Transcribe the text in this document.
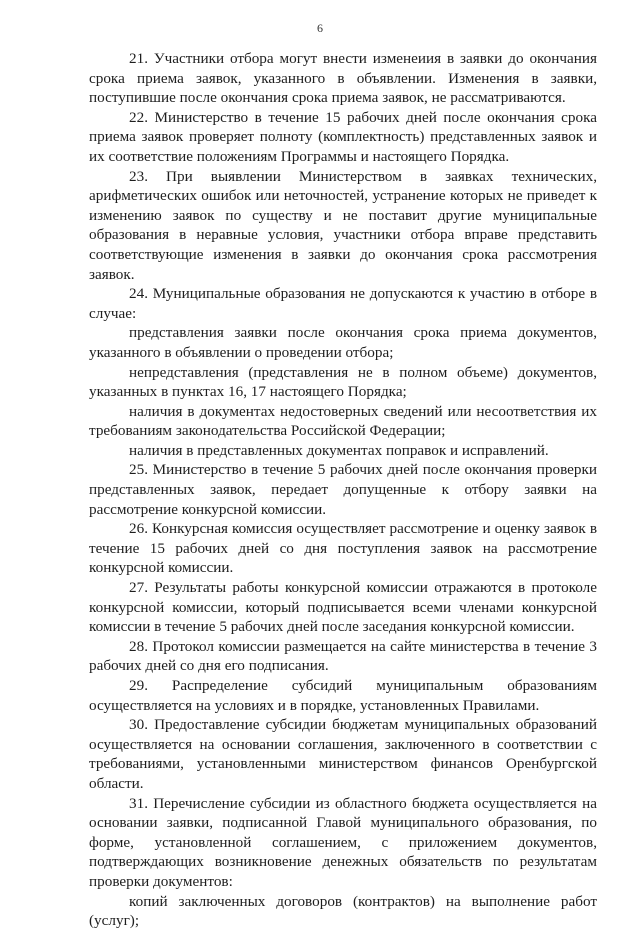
6

21. Участники отбора могут внести изменеиия в заявки до окончания срока приема заявок, указанного в объявлении. Изменения в заявки, поступившие после окончания срока приема заявок, не рассматриваются.

22. Министерство в течение 15 рабочих дней после окончания срока приема заявок проверяет полноту (комплектность) представленных заявок и их соответствие положениям Программы и настоящего Порядка.

23. При выявлении Министерством в заявках технических, арифметических ошибок или неточностей, устранение которых не приведет к изменению заявок по существу и не поставит другие муниципальные образования в неравные условия, участники отбора вправе представить соответствующие изменения в заявки до окончания срока рассмотрения заявок.

24. Муниципальные образования не допускаются к участию в отборе в случае:

представления заявки после окончания срока приема документов, указанного в объявлении о проведении отбора;

непредставления (представления не в полном объеме) документов, указанных в пунктах 16, 17 настоящего Порядка;

наличия в документах недостоверных сведений или несоответствия их требованиям законодательства Российской Федерации;

наличия в представленных документах поправок и исправлений.

25. Министерство в течение 5 рабочих дней после окончания проверки представленных заявок, передает допущенные к отбору заявки на рассмотрение конкурсной комиссии.

26. Конкурсная комиссия осуществляет рассмотрение и оценку заявок в течение 15 рабочих дней со дня поступления заявок на рассмотрение конкурсной комиссии.

27. Результаты работы конкурсной комиссии отражаются в протоколе конкурсной комиссии, который подписывается всеми членами конкурсной комиссии в течение 5 рабочих дней после заседания конкурсной комиссии.

28. Протокол комиссии размещается на сайте министерства в течение 3 рабочих дней со дня его подписания.

29. Распределение субсидий муниципальным образованиям осуществляется на условиях и в порядке, установленных Правилами.

30. Предоставление субсидии бюджетам муниципальных образований осуществляется на основании соглашения, заключенного в соответствии с требованиями, установленными министерством финансов Оренбургской области.

31. Перечисление субсидии из областного бюджета осуществляется на основании заявки, подписанной Главой муниципального образования, по форме, установленной соглашением, с приложением документов, подтверждающих возникновение денежных обязательств по результатам проверки документов:

копий заключенных договоров (контрактов) на выполнение работ (услуг);
